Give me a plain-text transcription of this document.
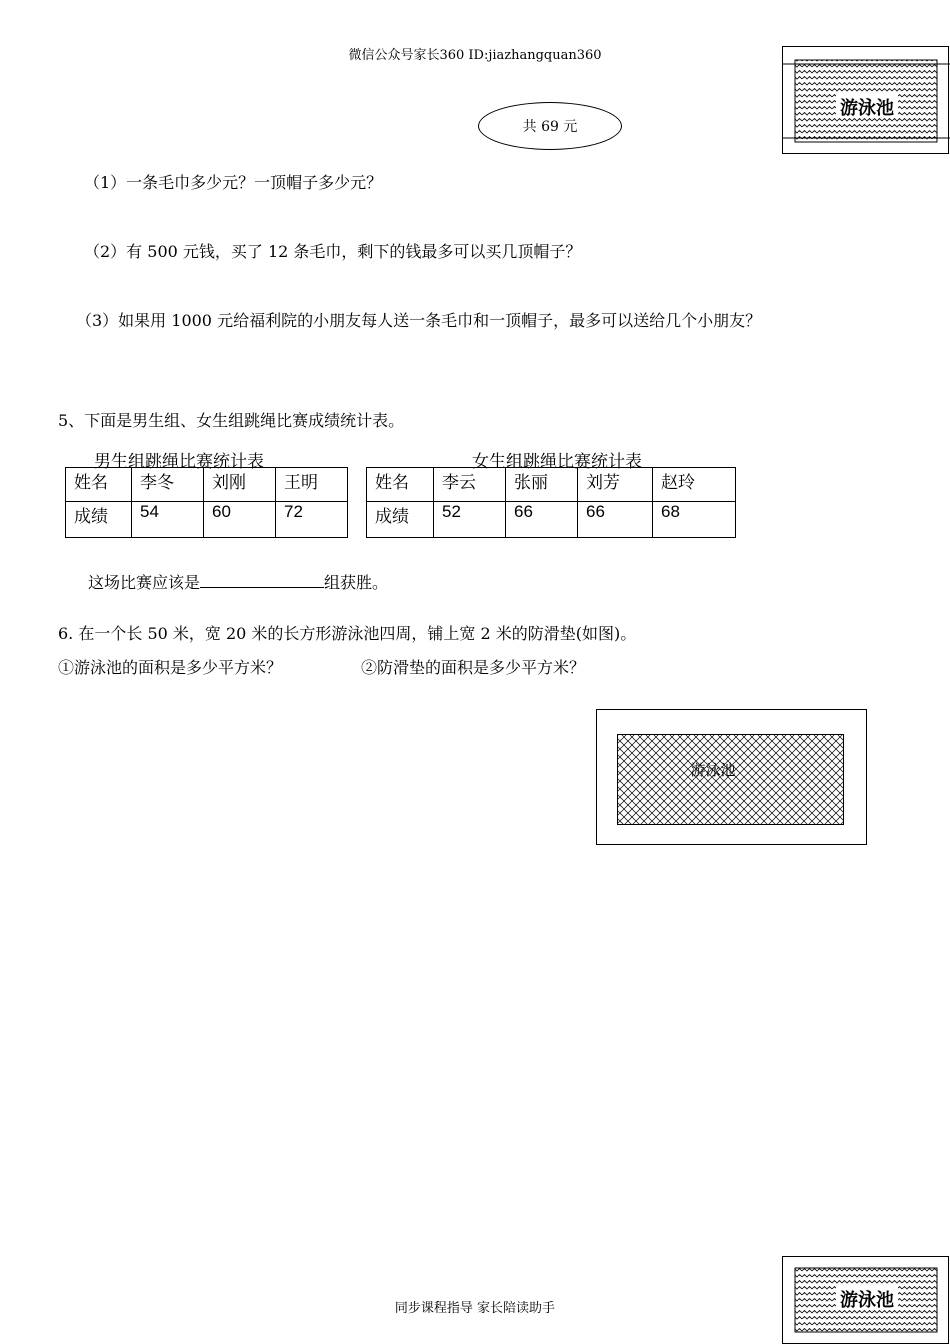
微信公众号家长360 ID:jiazhangquan360
游泳池
共 69 元
（1）一条毛巾多少元？一顶帽子多少元？
（2）有 500 元钱，买了 12 条毛巾，剩下的钱最多可以买几顶帽子？
（3）如果用 1000 元给福利院的小朋友每人送一条毛巾和一顶帽子，最多可以送给几个小朋友？
5、下面是男生组、女生组跳绳比赛成绩统计表。
男生组跳绳比赛统计表	女生组跳绳比赛统计表
姓名	李冬	刘刚	王明
成绩	54	60	72
姓名	李云	张丽	刘芳	赵玲
成绩	52	66	66	68
这场比赛应该是	组获胜。
6. 在一个长 50 米，宽 20 米的长方形游泳池四周，铺上宽 2 米的防滑垫(如图)。
①游泳池的面积是多少平方米？	②防滑垫的面积是多少平方米？
游泳池
同步课程指导 家长陪读助手	游泳池
